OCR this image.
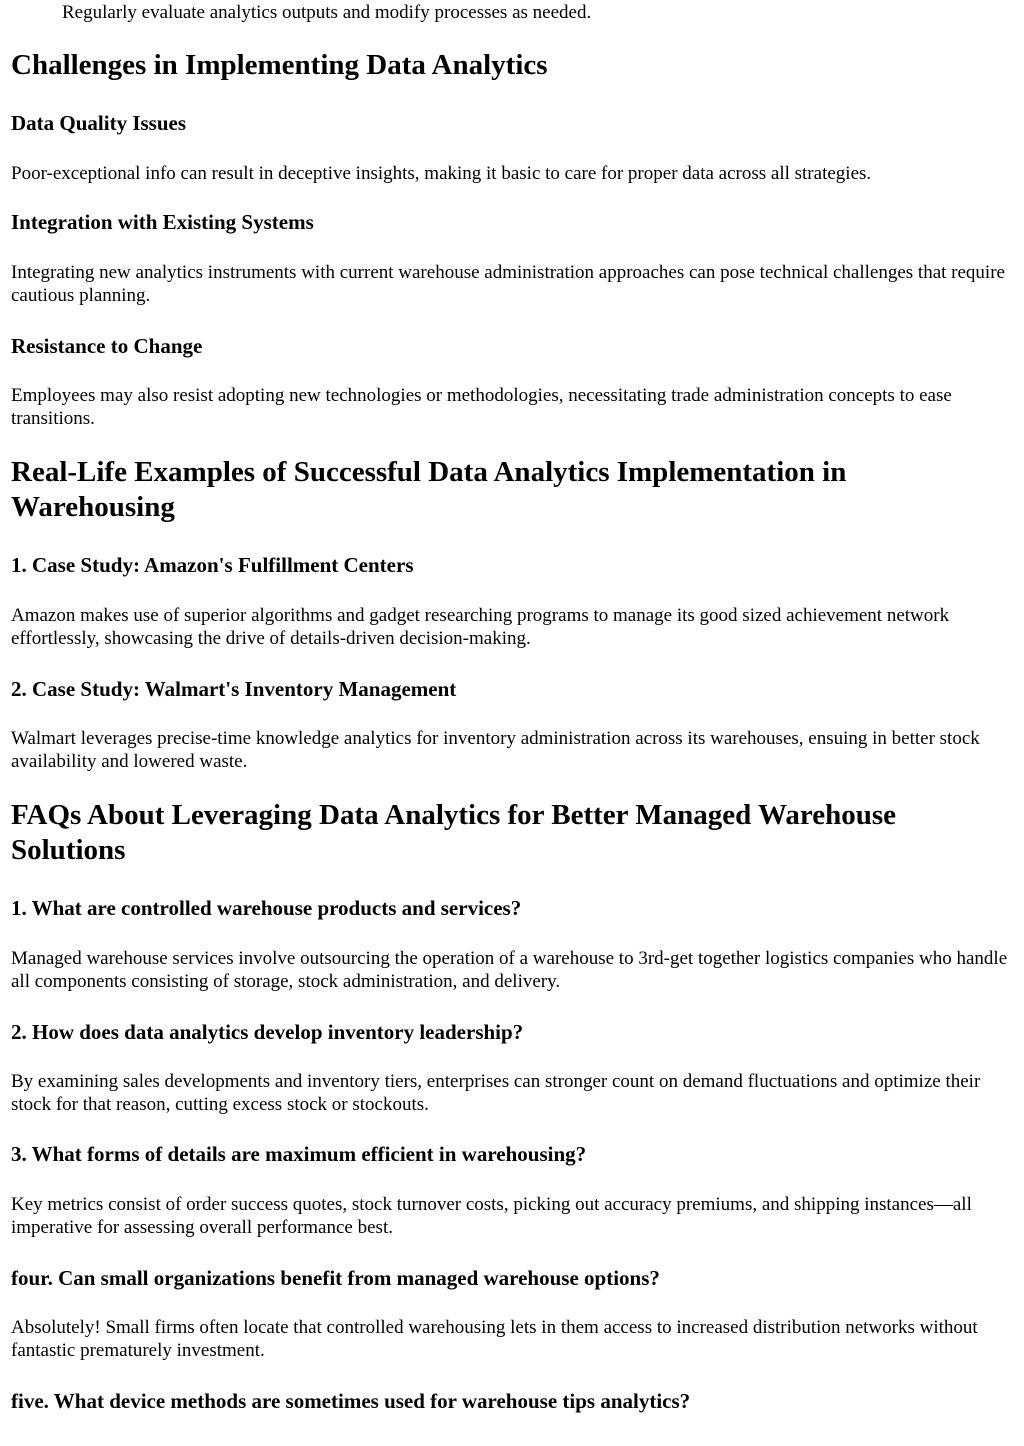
Regularly evaluate analytics outputs and modify processes as needed.

Challenges in Implementing Data Analytics
Data Quality Issues

Poor-exceptional info can result in deceptive insights, making it basic to care for proper data across all strategies.

Integration with Existing Systems

Integrating new analytics instruments with current warehouse administration approaches can pose technical challenges that require cautious planning.

Resistance to Change

Employees may also resist adopting new technologies or methodologies, necessitating trade administration concepts to ease transitions.

Real-Life Examples of Successful Data Analytics Implementation in Warehousing
1. Case Study: Amazon's Fulfillment Centers

Amazon makes use of superior algorithms and gadget researching programs to manage its good sized achievement network effortlessly, showcasing the drive of details-driven decision-making.

2. Case Study: Walmart's Inventory Management

Walmart leverages precise-time knowledge analytics for inventory administration across its warehouses, ensuing in better stock availability and lowered waste.

FAQs About Leveraging Data Analytics for Better Managed Warehouse Solutions
1. What are controlled warehouse products and services?

Managed warehouse services involve outsourcing the operation of a warehouse to 3rd-get together logistics companies who handle all components consisting of storage, stock administration, and delivery.

2. How does data analytics develop inventory leadership?

By examining sales developments and inventory tiers, enterprises can stronger count on demand fluctuations and optimize their stock for that reason, cutting excess stock or stockouts.

3. What forms of details are maximum efficient in warehousing?

Key metrics consist of order success quotes, stock turnover costs, picking out accuracy premiums, and shipping instances—all imperative for assessing overall performance best.

four. Can small organizations benefit from managed warehouse options?

Absolutely! Small firms often locate that controlled warehousing lets in them access to increased distribution networks without fantastic prematurely investment.

five. What device methods are sometimes used for warehouse tips analytics?
